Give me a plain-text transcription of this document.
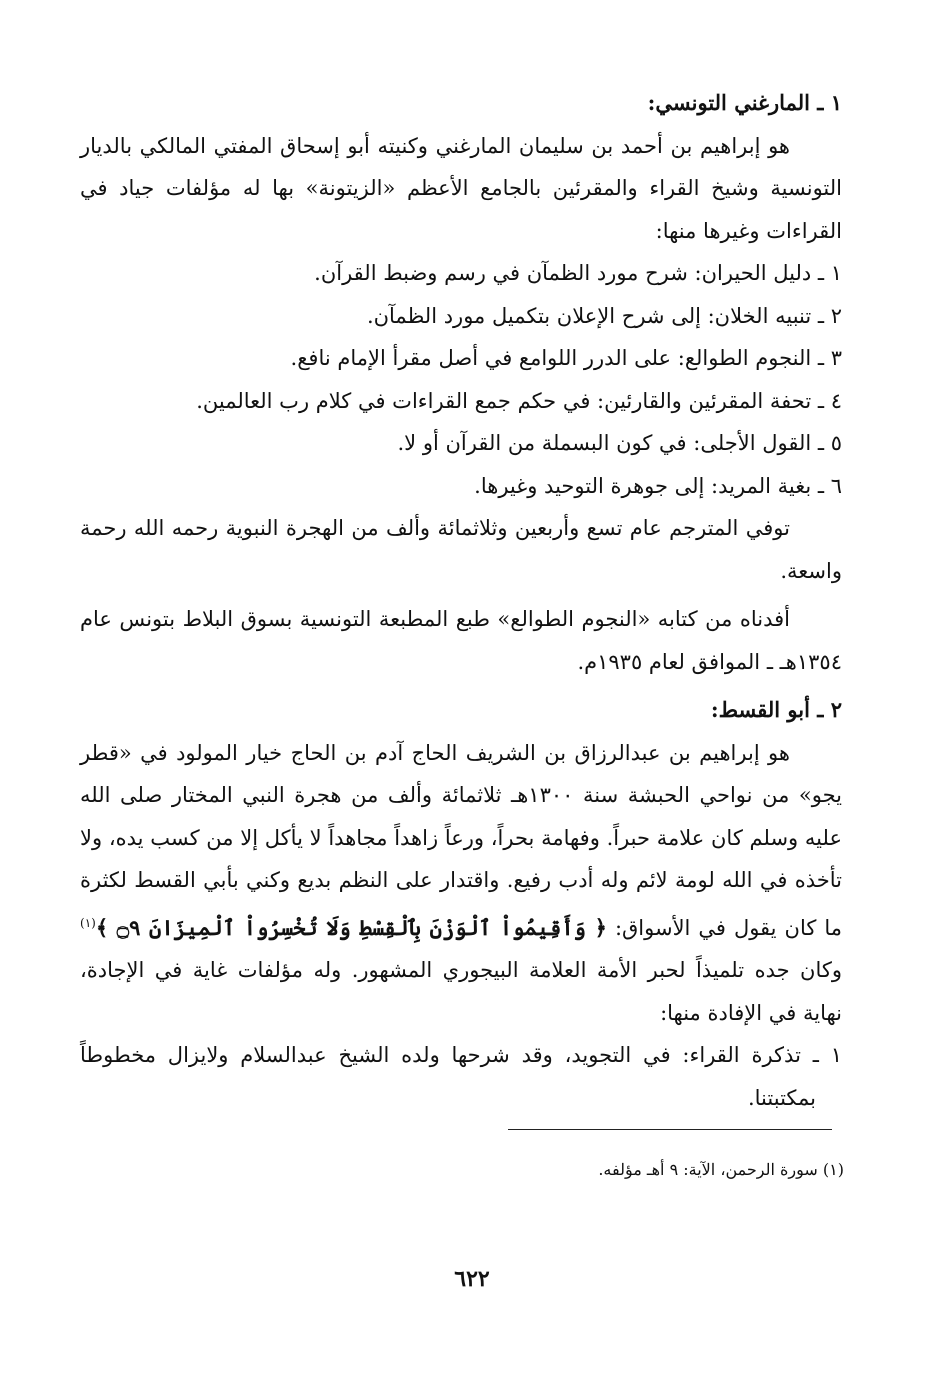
١ ـ المارغني التونسي:

هو إبراهيم بن أحمد بن سليمان المارغني وكنيته أبو إسحاق المفتي المالكي بالديار التونسية وشيخ القراء والمقرئين بالجامع الأعظم «الزيتونة» بها له مؤلفات جياد في القراءات وغيرها منها:

١ ـ دليل الحيران: شرح مورد الظمآن في رسم وضبط القرآن.

٢ ـ تنبيه الخلان: إلى شرح الإعلان بتكميل مورد الظمآن.

٣ ـ النجوم الطوالع: على الدرر اللوامع في أصل مقرأ الإمام نافع.

٤ ـ تحفة المقرئين والقارئين: في حكم جمع القراءات في كلام رب العالمين.

٥ ـ القول الأجلى: في كون البسملة من القرآن أو لا.

٦ ـ بغية المريد: إلى جوهرة التوحيد وغيرها.

توفي المترجم عام تسع وأربعين وثلاثمائة وألف من الهجرة النبوية رحمه الله رحمة واسعة.

أفدناه من كتابه «النجوم الطوالع» طبع المطبعة التونسية بسوق البلاط بتونس عام ١٣٥٤هـ ـ الموافق لعام ١٩٣٥م.

٢ ـ أبو القسط:

هو إبراهيم بن عبدالرزاق بن الشريف الحاج آدم بن الحاج خيار المولود في «قطر يجو» من نواحي الحبشة سنة ١٣٠٠هـ ثلاثمائة وألف من هجرة النبي المختار صلى الله عليه وسلم كان علامة حبراً. وفهامة بحراً، ورعاً زاهداً مجاهداً لا يأكل إلا من كسب يده، ولا تأخذه في الله لومة لائم وله أدب رفيع. واقتدار على النظم بديع وكني بأبي القسط لكثرة ما كان يقول في الأسواق: ﴿ وَأَقِيمُواْ ٱلْوَزْنَ بِٱلْقِسْطِ وَلَا تُخْسِرُواْ ٱلْمِيزَانَ ۝٩ ﴾$^{(١)}$ وكان جده تلميذاً لحبر الأمة العلامة البيجوري المشهور. وله مؤلفات غاية في الإجادة، نهاية في الإفادة منها:

١ ـ تذكرة القراء: في التجويد، وقد شرحها ولده الشيخ عبدالسلام ولايزال مخطوطاً بمكتبتنا.

(١) سورة الرحمن، الآية: ٩ أهـ مؤلفه.
٦٢٢
